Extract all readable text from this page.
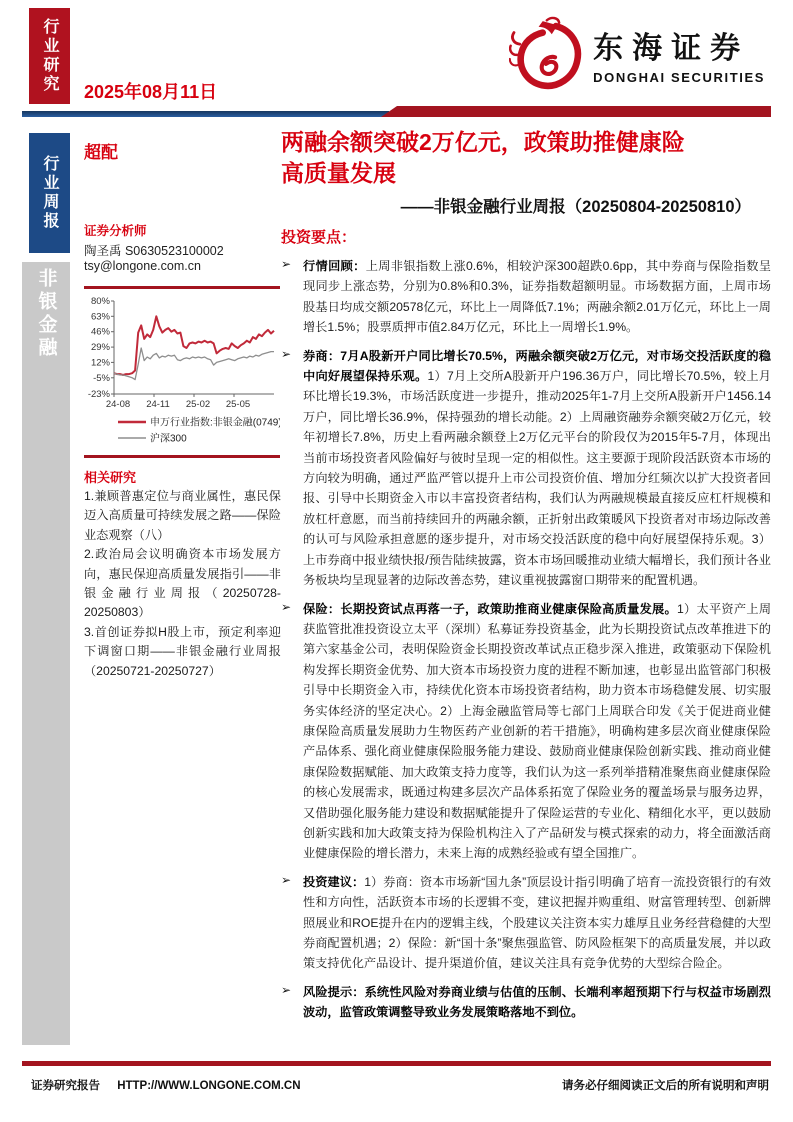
行业研究 2025年08月11日
东海证券
DONGHAI SECURITIES
行业周报
非银金融
超配
证券分析师
陶圣禹 S0630523100002
tsy@longone.com.cn
80%
63%
46%
29%
12%
-5%
-23%
24-08 24-11 25-02 25-05
申万行业指数:非银金融(0749)
沪深300
相关研究

1.兼顾普惠定位与商业属性，惠民保迈入高质量可持续发展之路——保险业态观察（八）

2.政治局会议明确资本市场发展方向，惠民保迎高质量发展指引——非银金融行业周报（20250728-20250803）

3.首创证券拟H股上市，预定利率迎下调窗口期——非银金融行业周报（20250721-20250727）

两融余额突破2万亿元，政策助推健康险
高质量发展
——非银金融行业周报（20250804-20250810）
投资要点：
➢ 行情回顾：上周非银指数上涨0.6%，相较沪深300超跌0.6pp，其中券商与保险指数呈现同步上涨态势，分别为0.8%和0.3%，证券指数超额明显。市场数据方面，上周市场股基日均成交额20578亿元，环比上一周降低7.1%；两融余额2.01万亿元，环比上一周增长1.5%；股票质押市值2.84万亿元，环比上一周增长1.9%。

➢ 券商：7月A股新开户同比增长70.5%，两融余额突破2万亿元，对市场交投活跃度的稳中向好展望保持乐观。1）7月上交所A股新开户196.36万户，同比增长70.5%，较上月环比增长19.3%，市场活跃度进一步提升，推动2025年1-7月上交所A股新开户1456.14万户，同比增长36.9%，保持强劲的增长动能。2）上周融资融券余额突破2万亿元，较年初增长7.8%，历史上看两融余额登上2万亿元平台的阶段仅为2015年5-7月，体现出当前市场投资者风险偏好与彼时呈现一定的相似性。这主要源于现阶段活跃资本市场的方向较为明确，通过严监严管以提升上市公司投资价值、增加分红频次以扩大投资者回报、引导中长期资金入市以丰富投资者结构，我们认为两融规模最直接反应杠杆规模和放杠杆意愿，而当前持续回升的两融余额，正折射出政策暖风下投资者对市场边际改善的认可与风险承担意愿的逐步提升，对市场交投活跃度的稳中向好展望保持乐观。3）上市券商中报业绩快报/预告陆续披露，资本市场回暖推动业绩大幅增长，我们预计各业务板块均呈现显著的边际改善态势，建议重视披露窗口期带来的配置机遇。

➢ 保险：长期投资试点再落一子，政策助推商业健康保险高质量发展。1）太平资产上周获监管批准投资设立太平（深圳）私募证券投资基金，此为长期投资试点改革推进下的第六家基金公司，表明保险资金长期投资改革试点正稳步深入推进，政策驱动下保险机构发挥长期资金优势、加大资本市场投资力度的进程不断加速，也彰显出监管部门积极引导中长期资金入市，持续优化资本市场投资者结构，助力资本市场稳健发展、切实服务实体经济的坚定决心。2）上海金融监管局等七部门上周联合印发《关于促进商业健康保险高质量发展助力生物医药产业创新的若干措施》，明确构建多层次商业健康保险产品体系、强化商业健康保险服务能力建设、鼓励商业健康保险创新实践、推动商业健康保险数据赋能、加大政策支持力度等，我们认为这一系列举措精准聚焦商业健康保险的核心发展需求，既通过构建多层次产品体系拓宽了保险业务的覆盖场景与服务边界，又借助强化服务能力建设和数据赋能提升了保险运营的专业化、精细化水平，更以鼓励创新实践和加大政策支持为保险机构注入了产品研发与模式探索的动力，将全面激活商业健康保险的增长潜力，未来上海的成熟经验或有望全国推广。

➢ 投资建议：1）券商：资本市场新“国九条”顶层设计指引明确了培育一流投资银行的有效性和方向性，活跃资本市场的长逻辑不变，建议把握并购重组、财富管理转型、创新牌照展业和ROE提升在内的逻辑主线，个股建议关注资本实力雄厚且业务经营稳健的大型券商配置机遇；2）保险：新“国十条”聚焦强监管、防风险框架下的高质量发展，并以政策支持优化产品设计、提升渠道价值，建议关注具有竞争优势的大型综合险企。

➢ 风险提示：系统性风险对券商业绩与估值的压制、长端利率超预期下行与权益市场剧烈波动，监管政策调整导致业务发展策略落地不到位。

证券研究报告 HTTP://WWW.LONGONE.COM.CN	请务必仔细阅读正文后的所有说明和声明
